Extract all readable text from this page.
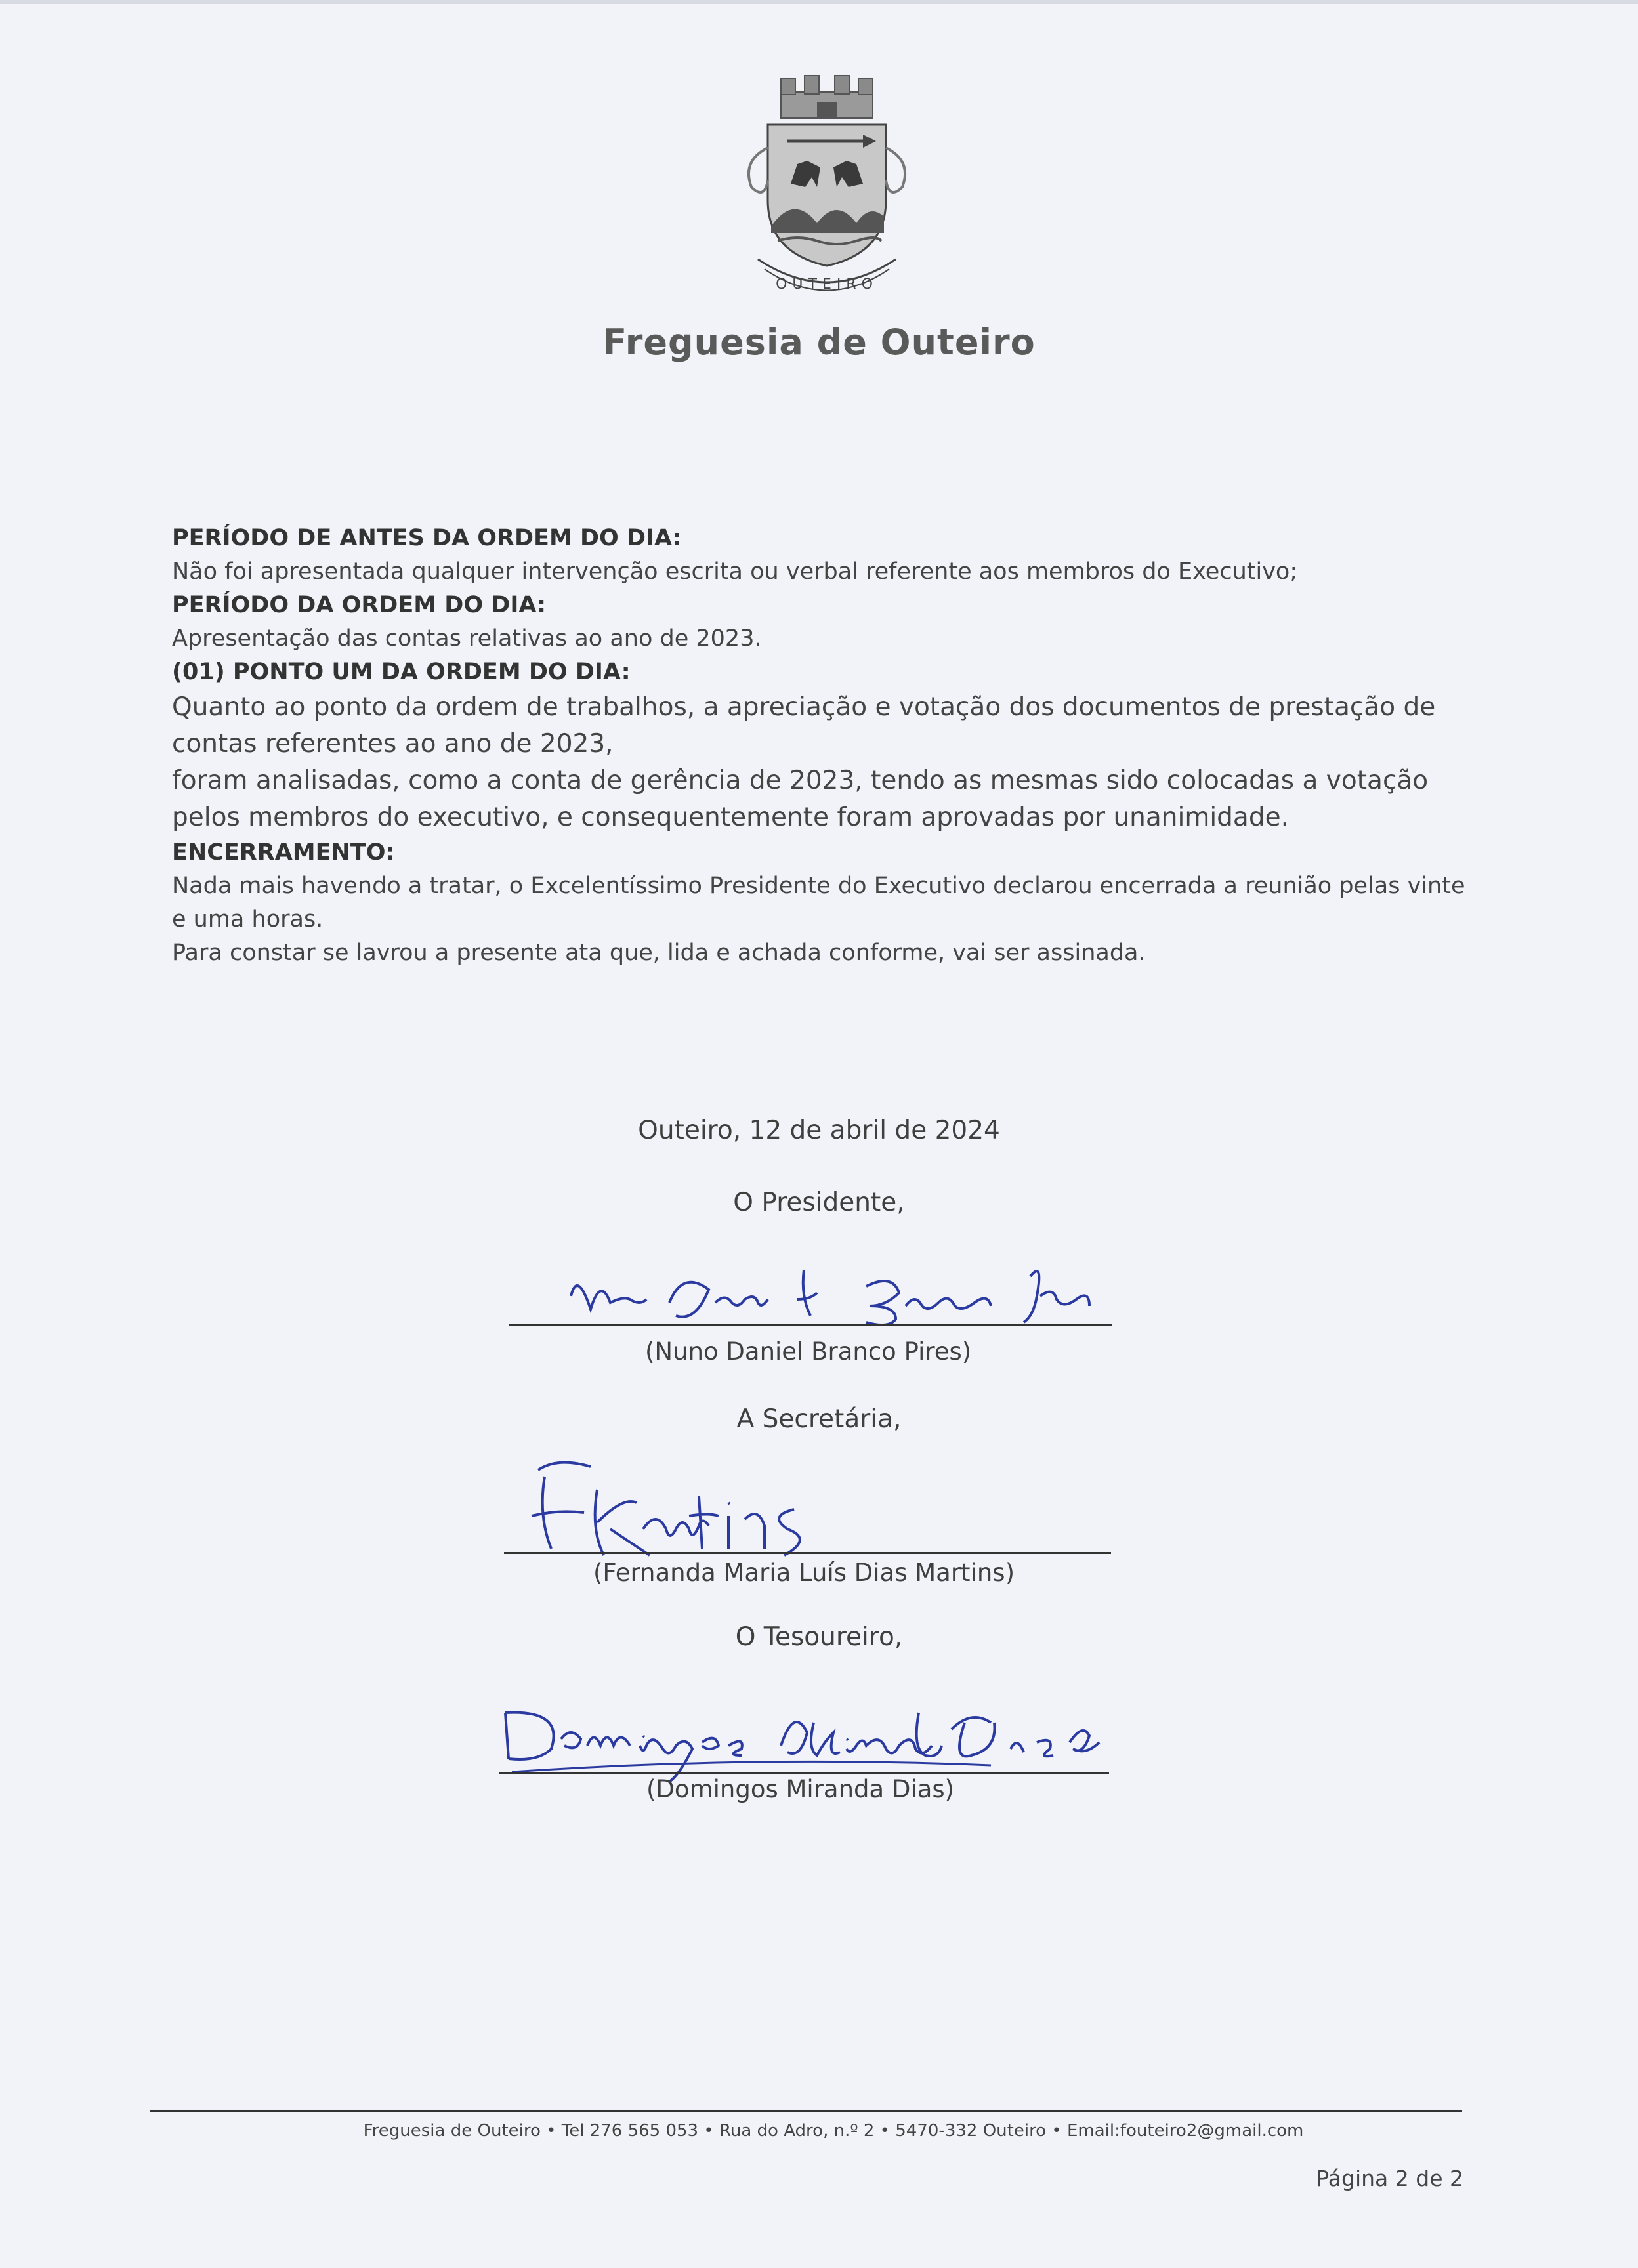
OUTEIRO
Freguesia de Outeiro

PERÍODO DE ANTES DA ORDEM DO DIA:

Não foi apresentada qualquer intervenção escrita ou verbal referente aos membros do Executivo;

PERÍODO DA ORDEM DO DIA:

Apresentação das contas relativas ao ano de 2023.

(01) PONTO UM DA ORDEM DO DIA:

Quanto ao ponto da ordem de trabalhos, a apreciação e votação dos documentos de prestação de contas referentes ao ano de 2023,

foram analisadas, como a conta de gerência de 2023, tendo as mesmas sido colocadas a votação pelos membros do executivo, e consequentemente foram aprovadas por unanimidade.

ENCERRAMENTO:

Nada mais havendo a tratar, o Excelentíssimo Presidente do Executivo declarou encerrada a reunião pelas vinte e uma horas.

Para constar se lavrou a presente ata que, lida e achada conforme, vai ser assinada.

Outeiro, 12 de abril de 2024
O Presidente,
(Nuno Daniel Branco Pires)
A Secretária,
(Fernanda Maria Luís Dias Martins)
O Tesoureiro,
(Domingos Miranda Dias)
Freguesia de Outeiro • Tel 276 565 053 • Rua do Adro, n.º 2 • 5470-332 Outeiro • Email:fouteiro2@gmail.com
Página 2 de 2
